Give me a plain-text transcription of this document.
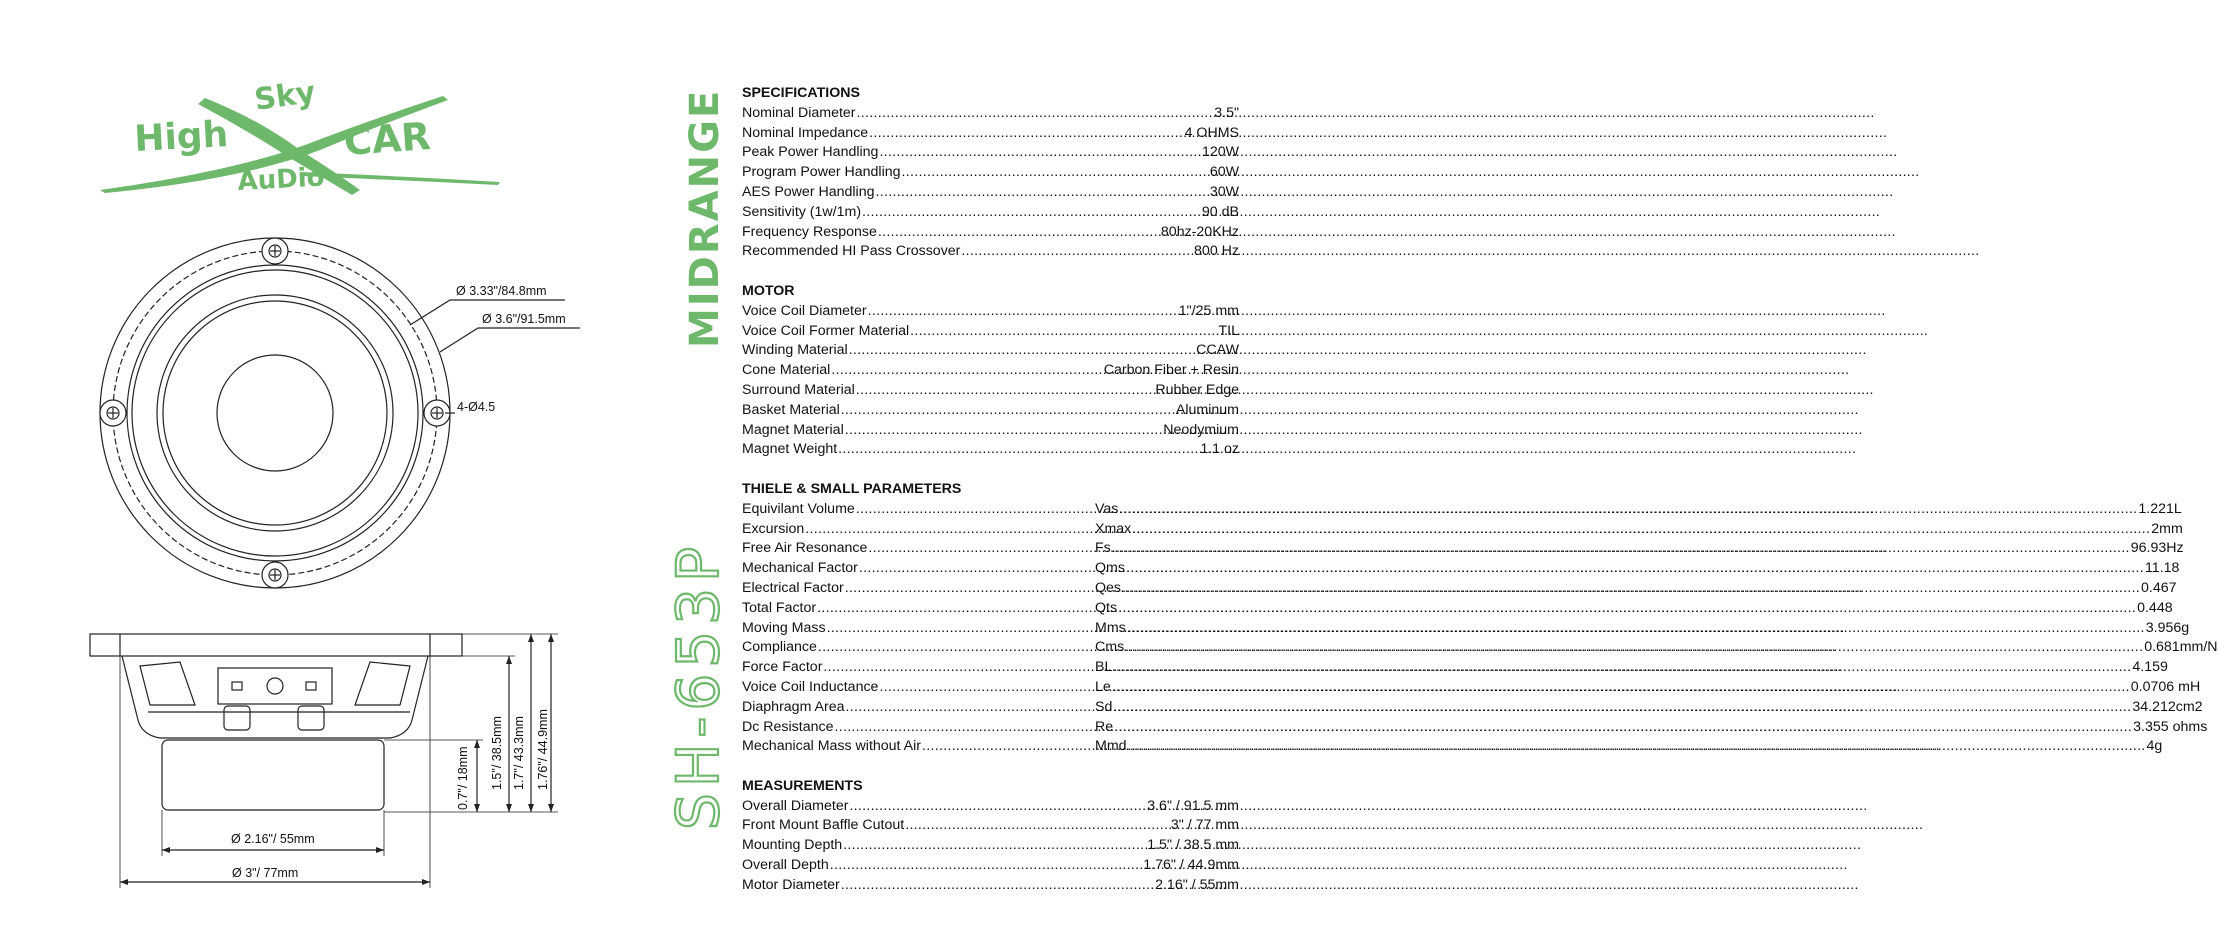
High
Sky
CAR
AuDio
Ø 3.33"/84.8mm
Ø 3.6"/91.5mm
4-Ø4.5
1.76"/ 44.9mm
1.7"/ 43.3mm
1.5"/ 38.5mm
0.7"/ 18mm
Ø 2.16"/ 55mm
Ø 3"/ 77mm
SH-653P
MIDRANGE SPECIFICATIONS
Nominal Diameter .....	3.5"
Nominal Impedance .....	4 OHMS
Peak Power Handling .....	120W
Program Power Handling .....	60W
AES Power Handling .....	30W
Sensitivity (1w/1m) .....	90 dB
Frequency Response .....	80hz-20KHz
Recommended HI Pass Crossover .....	800 Hz
MOTOR
Voice Coil Diameter .....	1"/25 mm
Voice Coil Former Material .....	TIL
Winding Material .....	CCAW
Cone Material .....	Carbon Fiber + Resin
Surround Material .....	Rubber Edge
Basket Material .....	Aluminum
Magnet Material .....	Neodymium
Magnet Weight .....	1.1 oz
THIELE & SMALL PARAMETERS
Equivilant Volume .....	Vas .....	1.221L
Excursion .....	Xmax .....	2mm
Free Air Resonance .....	Fs .....	96.93Hz
Mechanical Factor .....	Qms .....	11.18
Electrical Factor .....	Qes .....	0.467
Total Factor .....	Qts .....	0.448
Moving Mass .....	Mms .....	3.956g
Compliance .....	Cms .....	0.681mm/N
Force Factor .....	BL .....	4.159
Voice Coil Inductance .....	Le .....	0.0706 mH
Diaphragm Area .....	Sd .....	34.212cm2
Dc Resistance .....	Re .....	3.355 ohms
Mechanical Mass without Air .....	Mmd .....	4g
MEASUREMENTS
Overall Diameter .....	3.6" / 91.5 mm
Front Mount Baffle Cutout .....	3" / 77 mm
Mounting Depth .....	1.5" / 38.5 mm
Overall Depth .....	1.76" / 44.9mm
Motor Diameter .....	2.16" / 55mm
